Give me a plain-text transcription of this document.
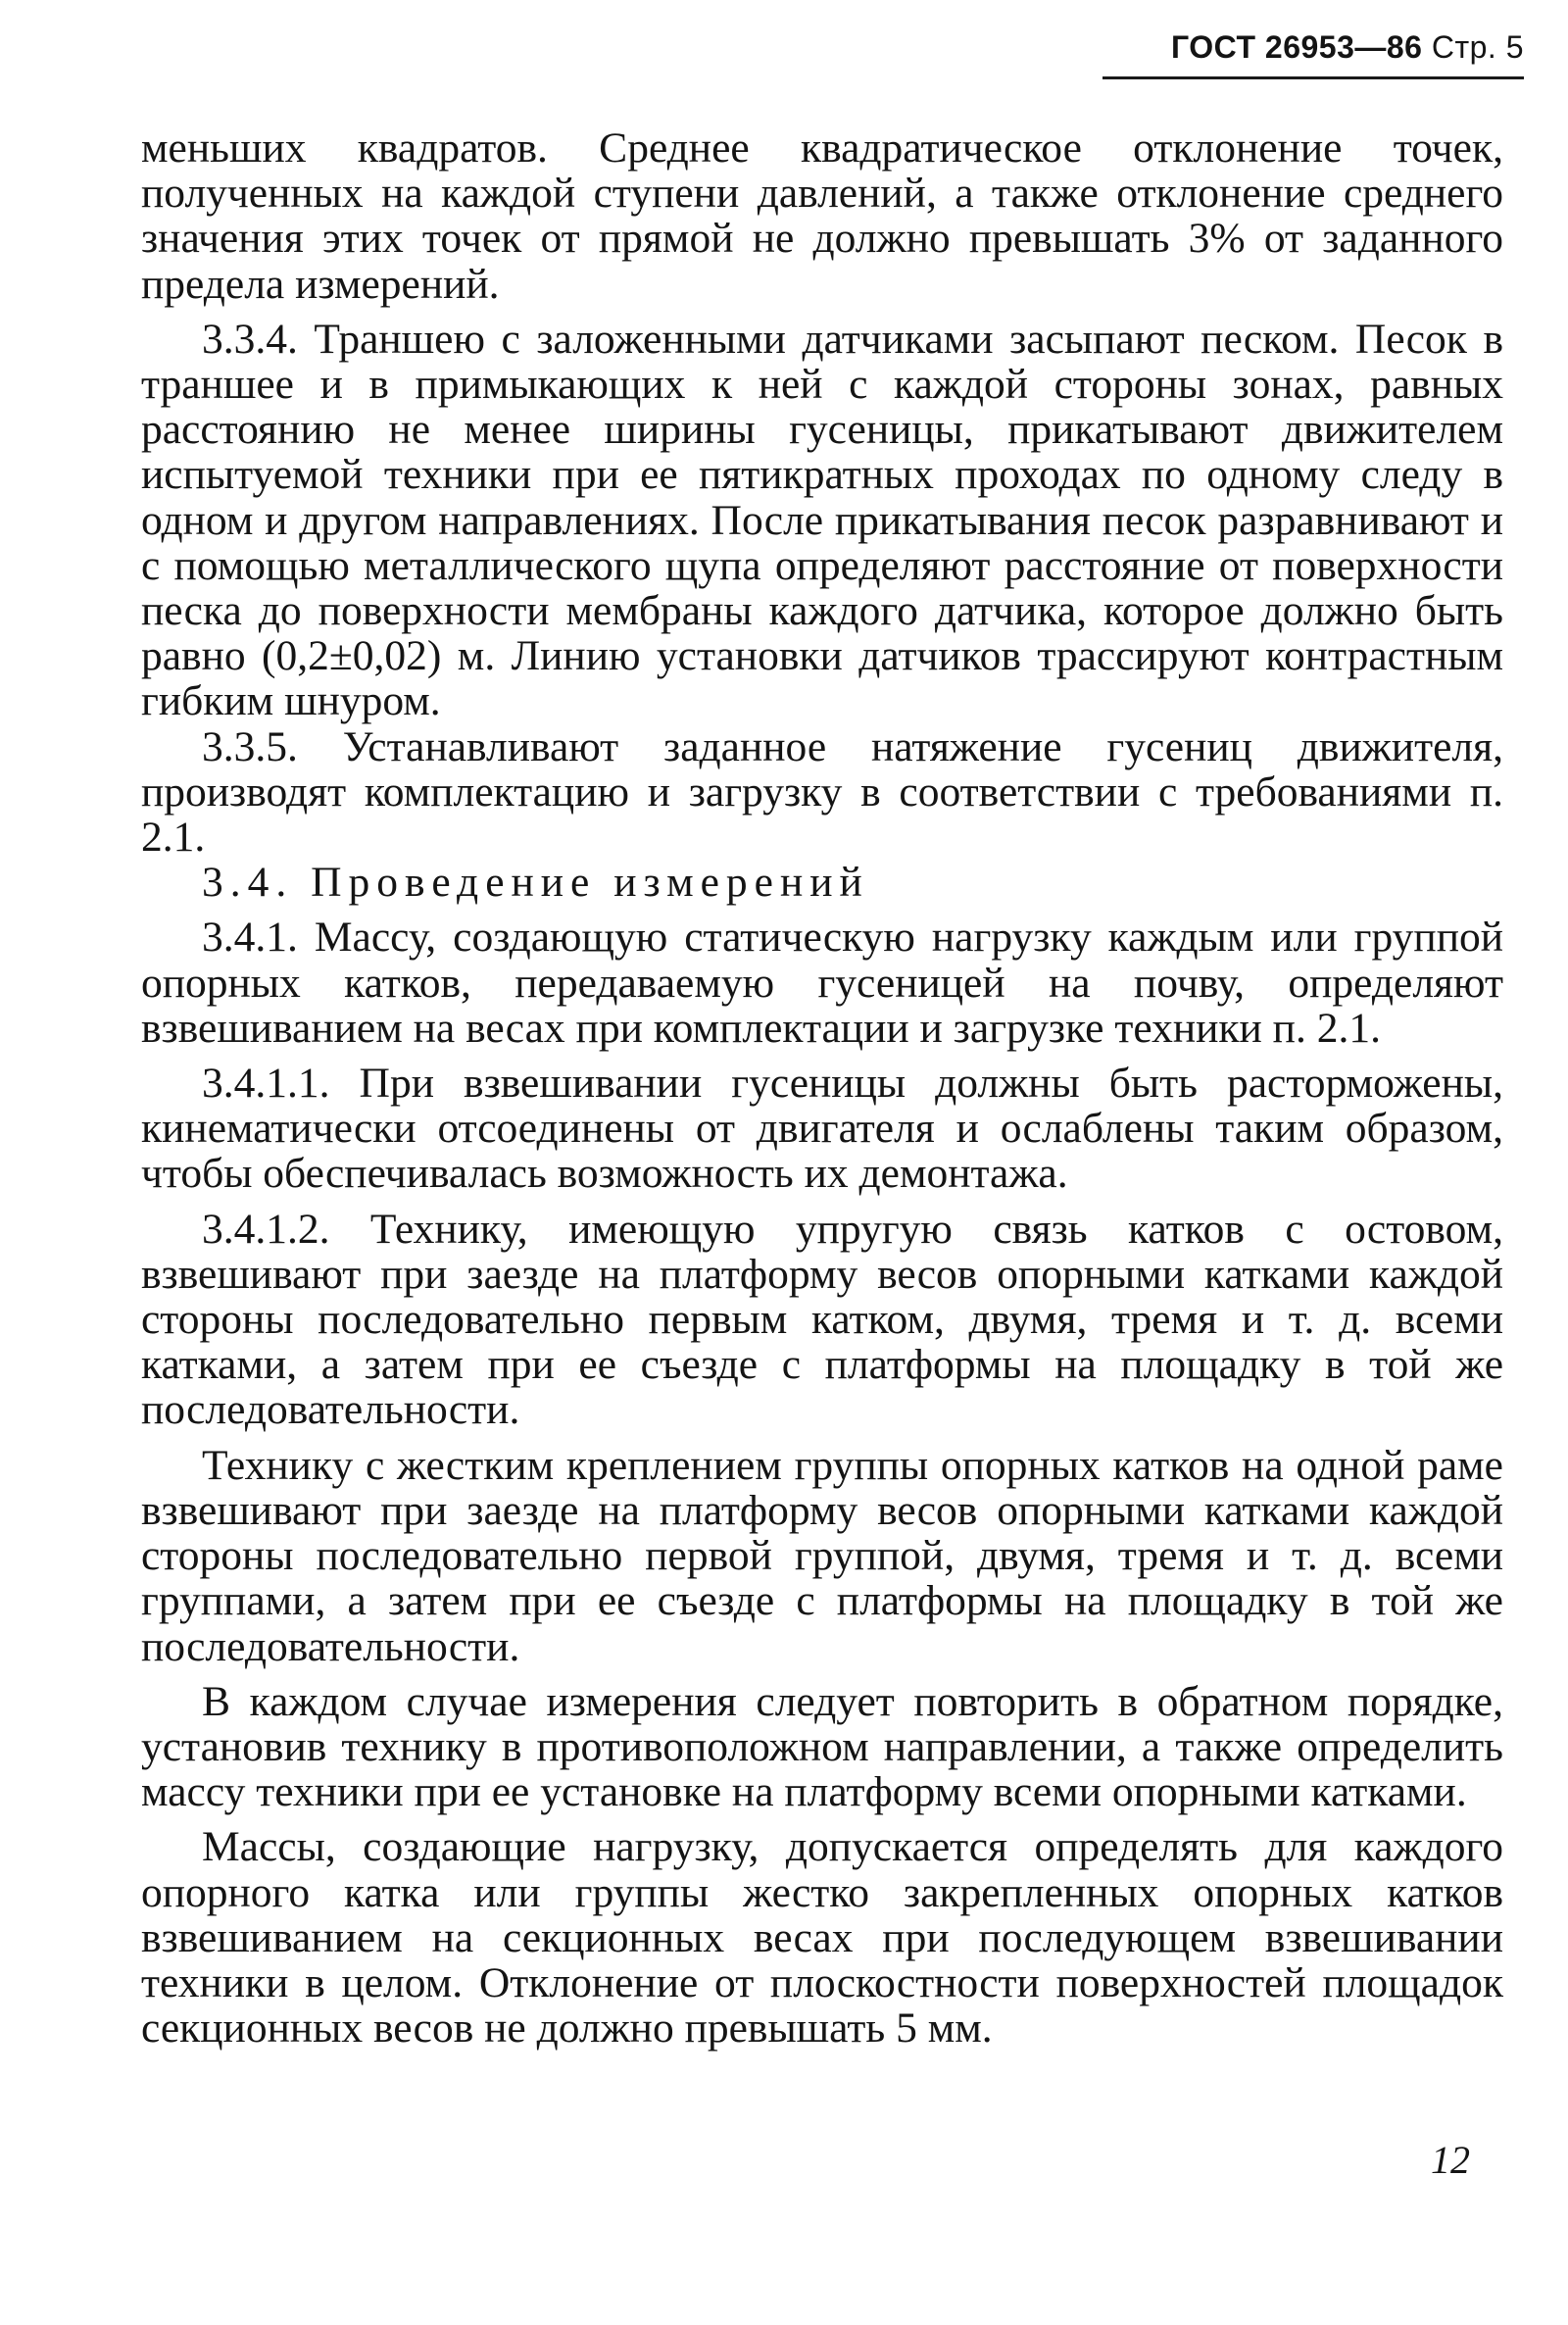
ГОСТ 26953—86 Стр. 5

меньших квадратов. Среднее квадратическое отклонение точек, полученных на каждой ступени давлений, а также отклонение среднего значения этих точек от прямой не должно превышать 3% от заданного предела измерений.

3.3.4. Траншею с заложенными датчиками засыпают песком. Песок в траншее и в примыкающих к ней с каждой стороны зонах, равных расстоянию не менее ширины гусеницы, прикатывают движителем испытуемой техники при ее пятикратных проходах по одному следу в одном и другом направлениях. После прикатывания песок разравнивают и с помощью металлического щупа определяют расстояние от поверхности песка до поверхности мембраны каждого датчика, которое должно быть равно (0,2±0,02) м. Линию установки датчиков трассируют контрастным гибким шнуром.

3.3.5. Устанавливают заданное натяжение гусениц движителя, производят комплектацию и загрузку в соответствии с требованиями п. 2.1.

3.4. Проведение измерений

3.4.1. Массу, создающую статическую нагрузку каждым или группой опорных катков, передаваемую гусеницей на почву, определяют взвешиванием на весах при комплектации и загрузке техники п. 2.1.

3.4.1.1. При взвешивании гусеницы должны быть расторможены, кинематически отсоединены от двигателя и ослаблены таким образом, чтобы обеспечивалась возможность их демонтажа.

3.4.1.2. Технику, имеющую упругую связь катков с остовом, взвешивают при заезде на платформу весов опорными катками каждой стороны последовательно первым катком, двумя, тремя и т. д. всеми катками, а затем при ее съезде с платформы на площадку в той же последовательности.

Технику с жестким креплением группы опорных катков на одной раме взвешивают при заезде на платформу весов опорными катками каждой стороны последовательно первой группой, двумя, тремя и т. д. всеми группами, а затем при ее съезде с платформы на площадку в той же последовательности.

В каждом случае измерения следует повторить в обратном порядке, установив технику в противоположном направлении, а также определить массу техники при ее установке на платформу всеми опорными катками.

Массы, создающие нагрузку, допускается определять для каждого опорного катка или группы жестко закрепленных опорных катков взвешиванием на секционных весах при последующем взвешивании техники в целом. Отклонение от плоскостности поверхностей площадок секционных весов не должно превышать 5 мм.

12
